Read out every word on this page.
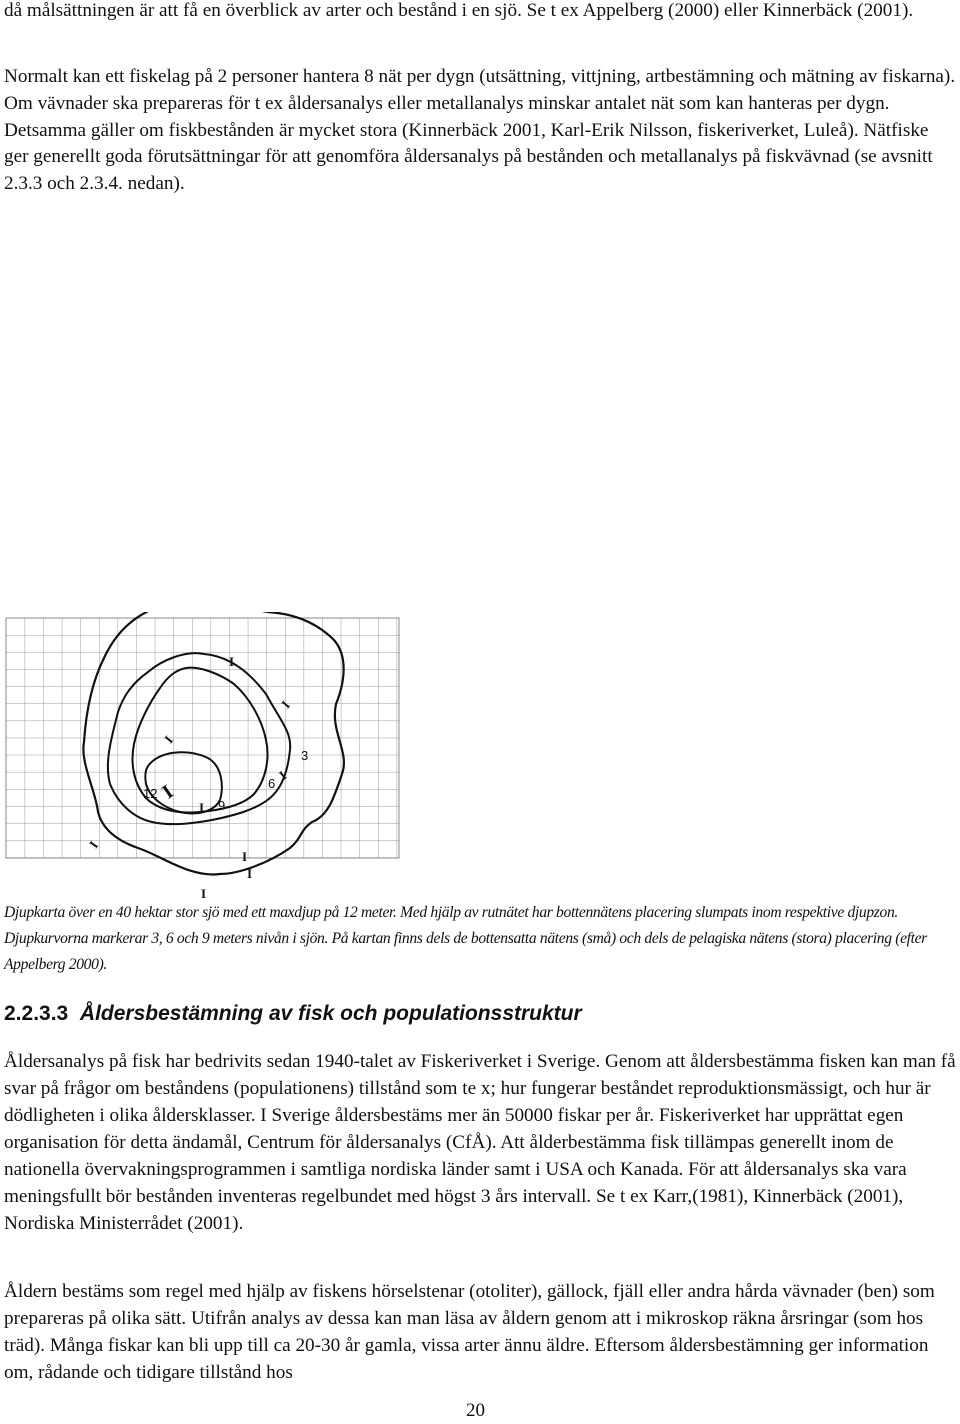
då målsättningen är att få en överblick av arter och bestånd i en sjö. Se t ex Appelberg (2000) eller Kinnerbäck (2001).

Normalt kan ett fiskelag på 2 personer hantera 8 nät per dygn (utsättning, vittjning, artbestämning och mätning av fiskarna). Om vävnader ska prepareras för t ex åldersanalys eller metallanalys minskar antalet nät som kan hanteras per dygn. Detsamma gäller om fiskbestånden är mycket stora (Kinnerbäck 2001, Karl-Erik Nilsson, fiskeriverket, Luleå). Nätfiske ger generellt goda förutsättningar för att genomföra åldersanalys på bestånden och metallanalys på fiskvävnad (se avsnitt 2.3.3 och 2.3.4. nedan).

3
6
9
12
I
I
I
I
I
I
I
I
I
I

Djupkarta över en 40 hektar stor sjö med ett maxdjup på 12 meter. Med hjälp av rutnätet har bottennätens placering slumpats inom respektive djupzon. Djupkurvorna markerar 3, 6 och 9 meters nivån i sjön. På kartan finns dels de bottensatta nätens (små) och dels de pelagiska nätens (stora) placering (efter Appelberg 2000).

2.2.3.3 Åldersbestämning av fisk och populationsstruktur

Åldersanalys på fisk har bedrivits sedan 1940-talet av Fiskeriverket i Sverige. Genom att åldersbestämma fisken kan man få svar på frågor om beståndens (populationens) tillstånd som te x; hur fungerar beståndet reproduktionsmässigt, och hur är dödligheten i olika åldersklasser. I Sverige åldersbestäms mer än 50000 fiskar per år. Fiskeriverket har upprättat egen organisation för detta ändamål, Centrum för åldersanalys (CfÅ). Att ålderbestämma fisk tillämpas generellt inom de nationella övervakningsprogrammen i samtliga nordiska länder samt i USA och Kanada. För att åldersanalys ska vara meningsfullt bör bestånden inventeras regelbundet med högst 3 års intervall. Se t ex Karr,(1981), Kinnerbäck (2001), Nordiska Ministerrådet (2001).

Åldern bestäms som regel med hjälp av fiskens hörselstenar (otoliter), gällock, fjäll eller andra hårda vävnader (ben) som prepareras på olika sätt. Utifrån analys av dessa kan man läsa av åldern genom att i mikroskop räkna årsringar (som hos träd). Många fiskar kan bli upp till ca 20-30 år gamla, vissa arter ännu äldre. Eftersom åldersbestämning ger information om, rådande och tidigare tillstånd hos

20
